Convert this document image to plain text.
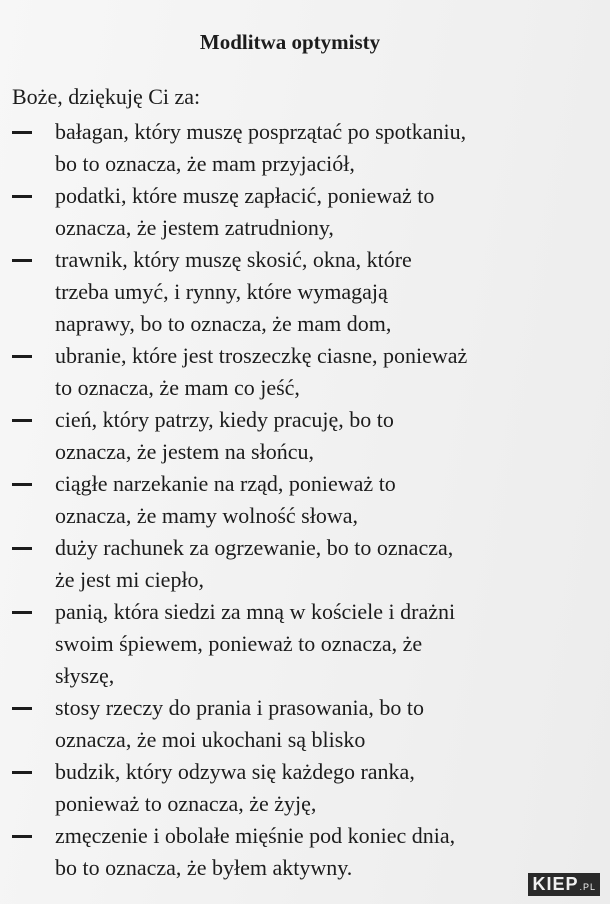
Modlitwa optymisty
Boże, dziękuję Ci za:
bałagan, który muszę posprzątać po spotkaniu,
bo to oznacza, że mam przyjaciół,
podatki, które muszę zapłacić, ponieważ to
oznacza, że jestem zatrudniony,
trawnik, który muszę skosić, okna, które
trzeba umyć, i rynny, które wymagają
naprawy, bo to oznacza, że mam dom,
ubranie, które jest troszeczkę ciasne, ponieważ
to oznacza, że mam co jeść,
cień, który patrzy, kiedy pracuję, bo to
oznacza, że jestem na słońcu,
ciągłe narzekanie na rząd, ponieważ to
oznacza, że mamy wolność słowa,
duży rachunek za ogrzewanie, bo to oznacza,
że jest mi ciepło,
panią, która siedzi za mną w kościele i drażni
swoim śpiewem, ponieważ to oznacza, że
słyszę,
stosy rzeczy do prania i prasowania, bo to
oznacza, że moi ukochani są blisko
budzik, który odzywa się każdego ranka,
ponieważ to oznacza, że żyję,
zmęczenie i obolałe mięśnie pod koniec dnia,
bo to oznacza, że byłem aktywny.
KIEP.PL
